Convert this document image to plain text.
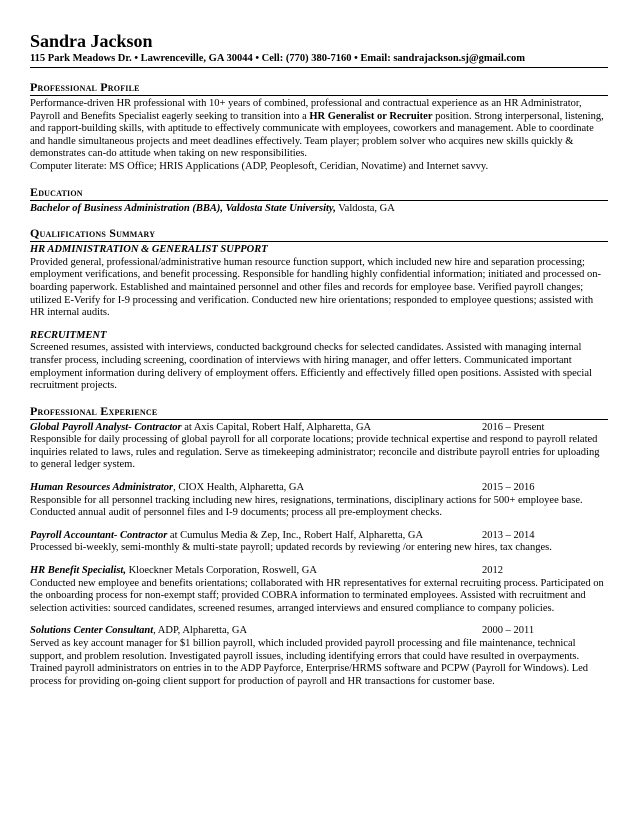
Sandra Jackson
115 Park Meadows Dr. • Lawrenceville, GA 30044 • Cell: (770) 380-7160 • Email: sandrajackson.sj@gmail.com
Professional Profile
Performance-driven HR professional with 10+ years of combined, professional and contractual experience as an HR Administrator, Payroll and Benefits Specialist eagerly seeking to transition into a HR Generalist or Recruiter position. Strong interpersonal, listening, and rapport-building skills, with aptitude to effectively communicate with employees, coworkers and management. Able to coordinate and handle simultaneous projects and meet deadlines effectively. Team player; problem solver who acquires new skills quickly & demonstrates can-do attitude when taking on new responsibilities.
Computer literate: MS Office; HRIS Applications (ADP, Peoplesoft, Ceridian, Novatime) and Internet savvy.
Education
Bachelor of Business Administration (BBA), Valdosta State University, Valdosta, GA
Qualifications Summary
HR ADMINISTRATION & GENERALIST SUPPORT
Provided general, professional/administrative human resource function support, which included new hire and separation processing; employment verifications, and benefit processing. Responsible for handling highly confidential information; initiated and processed on-boarding paperwork. Established and maintained personnel and other files and records for employee base. Verified payroll changes; utilized E-Verify for I-9 processing and verification. Conducted new hire orientations; responded to employee questions; assisted with HR internal audits.
RECRUITMENT
Screened resumes, assisted with interviews, conducted background checks for selected candidates. Assisted with managing internal transfer process, including screening, coordination of interviews with hiring manager, and offer letters. Communicated important employment information during delivery of employment offers. Efficiently and effectively filled open positions. Assisted with special recruitment projects.
Professional Experience
Global Payroll Analyst- Contractor at Axis Capital, Robert Half, Alpharetta, GA	2016 – Present
Responsible for daily processing of global payroll for all corporate locations; provide technical expertise and respond to payroll related inquiries related to laws, rules and regulation. Serve as timekeeping administrator; reconcile and distribute payroll entries for uploading to general ledger system.
Human Resources Administrator, CIOX Health, Alpharetta, GA	2015 – 2016
Responsible for all personnel tracking including new hires, resignations, terminations, disciplinary actions for 500+ employee base. Conducted annual audit of personnel files and I-9 documents; process all pre-employment checks.
Payroll Accountant- Contractor at Cumulus Media & Zep, Inc., Robert Half, Alpharetta, GA	2013 – 2014
Processed bi-weekly, semi-monthly & multi-state payroll; updated records by reviewing /or entering new hires, tax changes.
HR Benefit Specialist, Kloeckner Metals Corporation, Roswell, GA	2012
Conducted new employee and benefits orientations; collaborated with HR representatives for external recruiting process. Participated on the onboarding process for non-exempt staff; provided COBRA information to terminated employees. Assisted with recruitment and selection activities: sourced candidates, screened resumes, arranged interviews and ensured compliance to company policies.
Solutions Center Consultant, ADP, Alpharetta, GA	2000 – 2011
Served as key account manager for $1 billion payroll, which included provided payroll processing and file maintenance, technical support, and problem resolution. Investigated payroll issues, including identifying errors that could have resulted in overpayments. Trained payroll administrators on entries in to the ADP Payforce, Enterprise/HRMS software and PCPW (Payroll for Windows). Led process for providing on-going client support for production of payroll and HR transactions for customer base.
